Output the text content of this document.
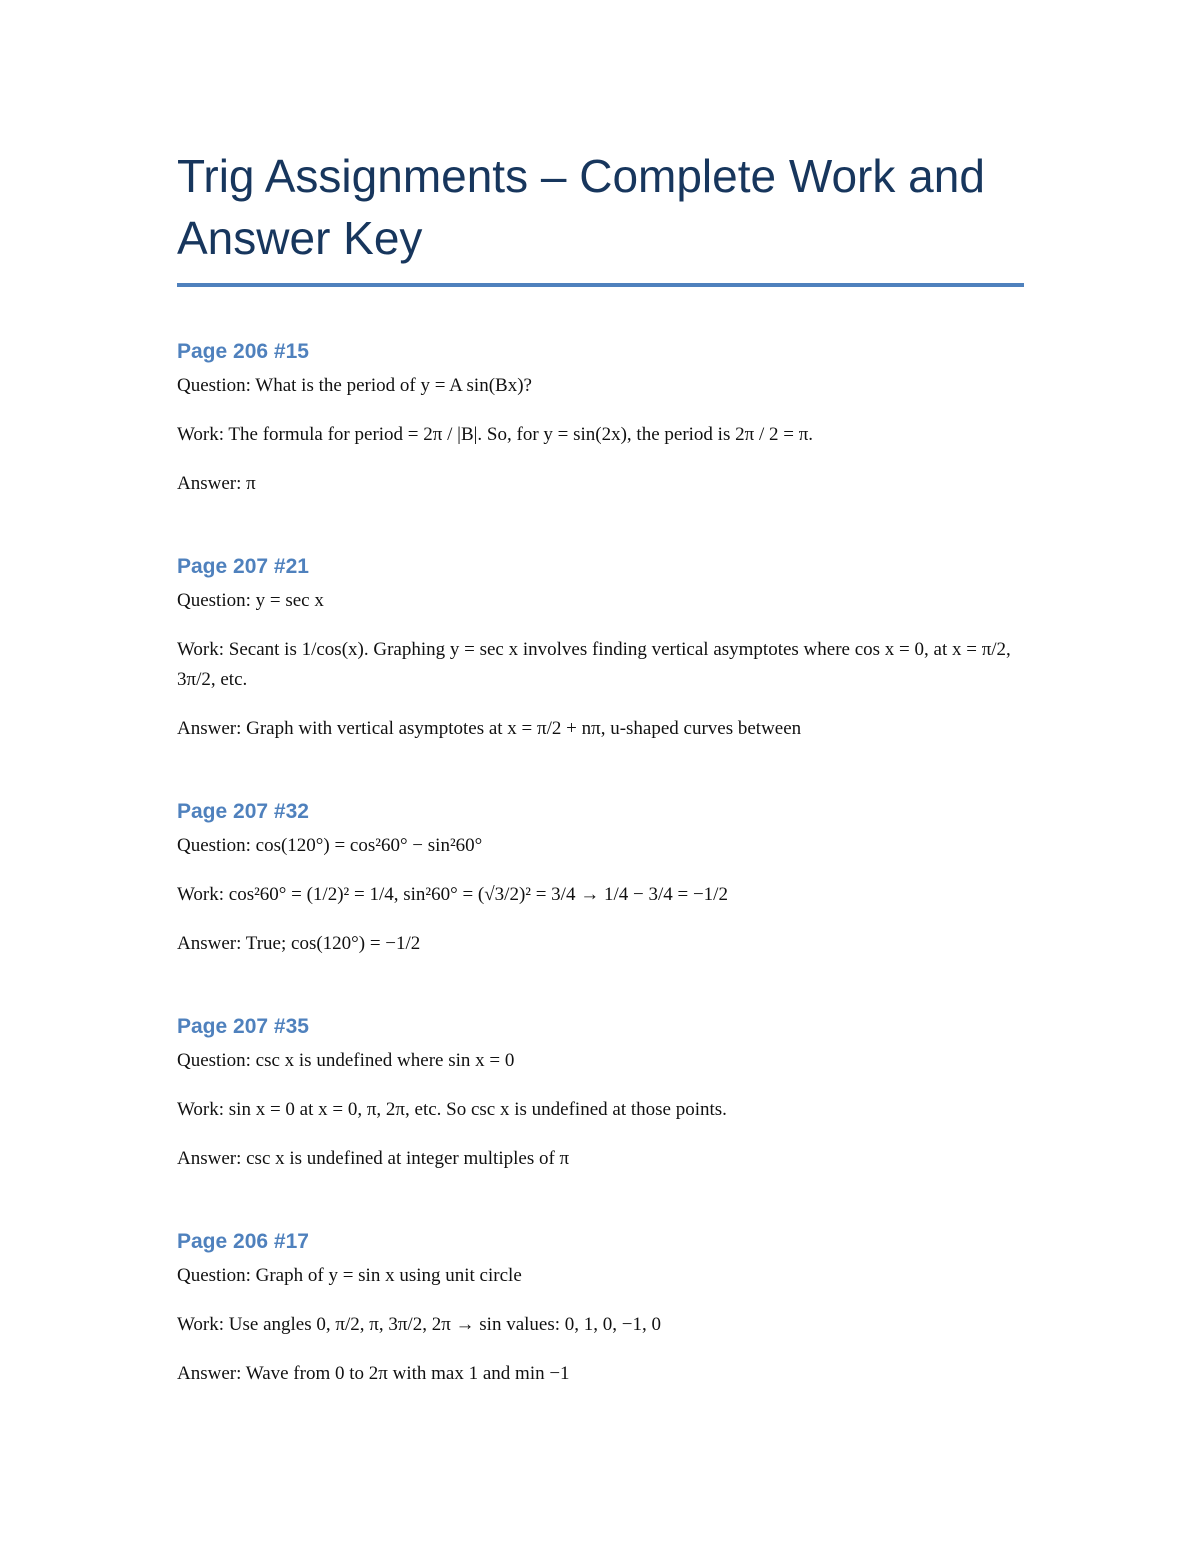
Trig Assignments – Complete Work and Answer Key
Page 206 #15

Question: What is the period of y = A sin(Bx)?

Work: The formula for period = 2π / |B|. So, for y = sin(2x), the period is 2π / 2 = π.

Answer: π

Page 207 #21

Question: y = sec x

Work: Secant is 1/cos(x). Graphing y = sec x involves finding vertical asymptotes where cos x = 0, at x = π/2, 3π/2, etc.

Answer: Graph with vertical asymptotes at x = π/2 + nπ, u-shaped curves between

Page 207 #32

Question: cos(120°) = cos²60° − sin²60°

Work: cos²60° = (1/2)² = 1/4, sin²60° = (√3/2)² = 3/4 → 1/4 − 3/4 = −1/2

Answer: True; cos(120°) = −1/2

Page 207 #35

Question: csc x is undefined where sin x = 0

Work: sin x = 0 at x = 0, π, 2π, etc. So csc x is undefined at those points.

Answer: csc x is undefined at integer multiples of π

Page 206 #17

Question: Graph of y = sin x using unit circle

Work: Use angles 0, π/2, π, 3π/2, 2π → sin values: 0, 1, 0, −1, 0

Answer: Wave from 0 to 2π with max 1 and min −1
